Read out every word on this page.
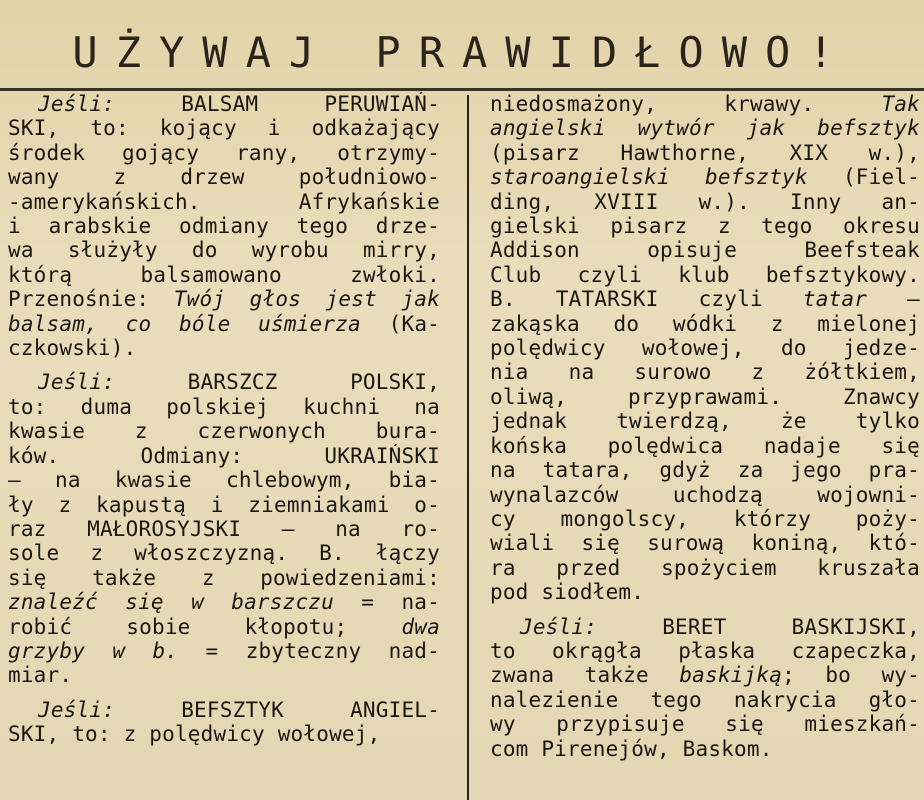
UŻYWAJ PRAWIDŁOWO!
Jeśli: BALSAM PERUWIAŃ-
SKI, to: kojący i odkażający
środek gojący rany, otrzymy-
wany z drzew południowo-
-amerykańskich. Afrykańskie
i arabskie odmiany tego drze-
wa służyły do wyrobu mirry,
którą balsamowano zwłoki.
Przenośnie: Twój głos jest jak
balsam, co bóle uśmierza (Ka-
czkowski).
Jeśli: BARSZCZ POLSKI,
to: duma polskiej kuchni na
kwasie z czerwonych bura-
ków. Odmiany: UKRAIŃSKI
— na kwasie chlebowym, bia-
ły z kapustą i ziemniakami o-
raz MAŁOROSYJSKI — na ro-
sole z włoszczyzną. B. łączy
się także z powiedzeniami:
znaleźć się w barszczu = na-
robić sobie kłopotu; dwa
grzyby w b. = zbyteczny nad-
miar.
Jeśli: BEFSZTYK ANGIEL-
SKI, to: z polędwicy wołowej,
niedosmażony, krwawy. Tak
angielski wytwór jak befsztyk
(pisarz Hawthorne, XIX w.),
staroangielski befsztyk (Fiel-
ding, XVIII w.). Inny an-
gielski pisarz z tego okresu
Addison opisuje Beefsteak
Club czyli klub befsztykowy.
B. TATARSKI czyli tatar —
zakąska do wódki z mielonej
polędwicy wołowej, do jedze-
nia na surowo z żółtkiem,
oliwą, przyprawami. Znawcy
jednak twierdzą, że tylko
końska polędwica nadaje się
na tatara, gdyż za jego pra-
wynalazców uchodzą wojowni-
cy mongolscy, którzy poży-
wiali się surową koniną, któ-
ra przed spożyciem kruszała
pod siodłem.
Jeśli: BERET BASKIJSKI,
to okrągła płaska czapeczka,
zwana także baskijką; bo wy-
nalezienie tego nakrycia gło-
wy przypisuje się mieszkań-
com Pirenejów, Baskom.
